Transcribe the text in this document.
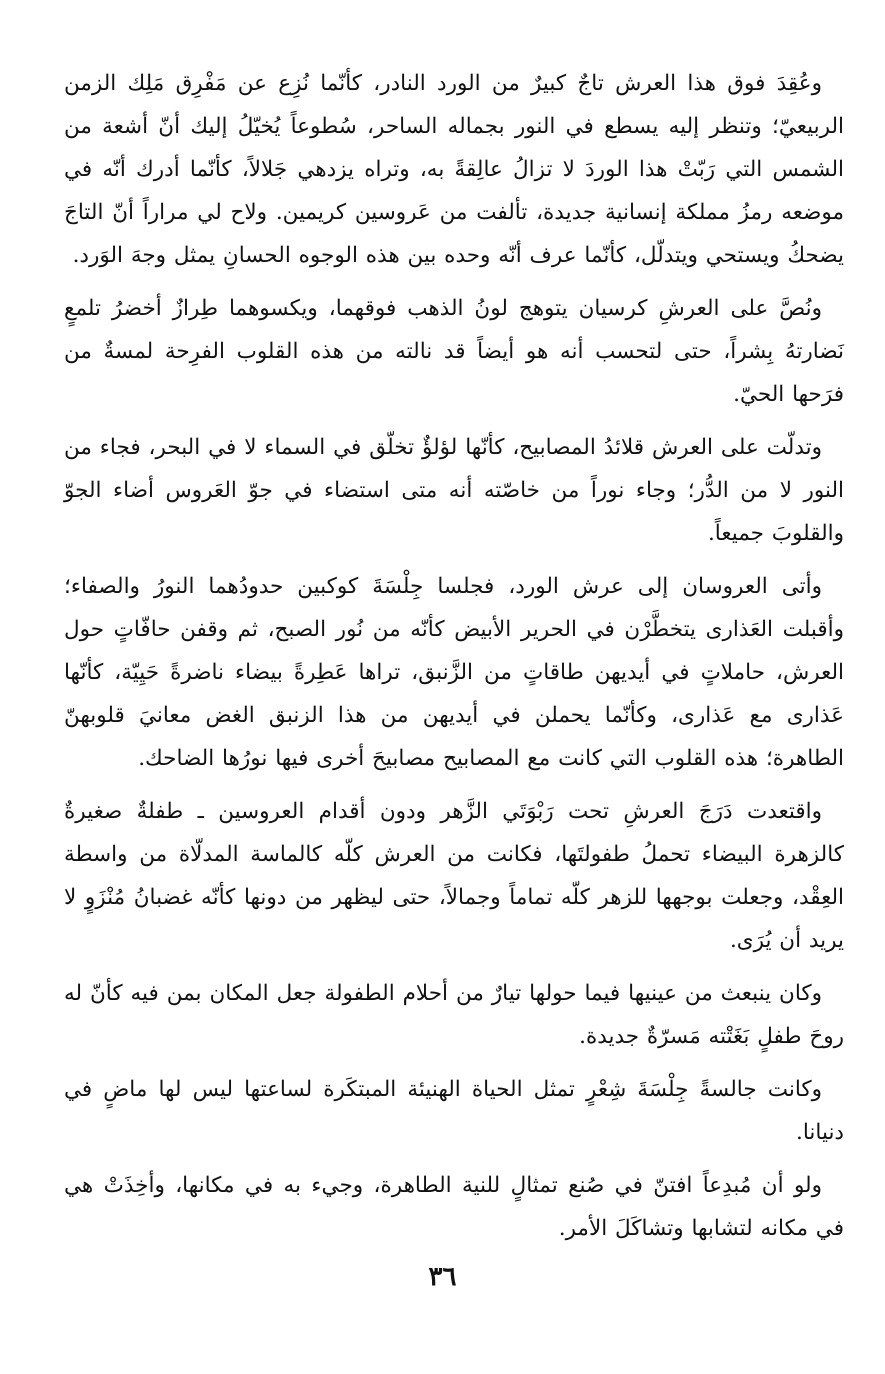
وعُقِدَ فوق هذا العرش تاجٌ كبيرٌ من الورد النادر، كأنّما نُزِع عن مَفْرِق مَلِك الزمن الربيعيّ؛ وتنظر إليه يسطع في النور بجماله الساحر، سُطوعاً يُخيّلُ إليك أنّ أشعة من الشمس التي رَبّتْ هذا الوردَ لا تزالُ عالِقةً به، وتراه يزدهي جَلالاً، كأنّما أدرك أنّه في موضعه رمزُ مملكة إنسانية جديدة، تألفت من عَروسين كريمين. ولاح لي مراراً أنّ التاجَ يضحكُ ويستحي ويتدلّل، كأنّما عرف أنّه وحده بين هذه الوجوه الحسانِ يمثل وجهَ الوَرد.

ونُصَّ على العرشِ كرسيان يتوهج لونُ الذهب فوقهما، ويكسوهما طِرازٌ أخضرُ تلمعٍ نَضارتهُ بِشراً، حتى لتحسب أنه هو أيضاً قد نالته من هذه القلوب الفرِحة لمسةٌ من فرَحها الحيّ.

وتدلّت على العرش قلائدُ المصابيح، كأنّها لؤلؤٌ تخلّق في السماء لا في البحر، فجاء من النور لا من الدُّر؛ وجاء نوراً من خاصّته أنه متى استضاء في جوّ العَروس أضاء الجوّ والقلوبَ جميعاً.

وأتى العروسان إلى عرش الورد، فجلسا جِلْسَةَ كوكبين حدودُهما النورُ والصفاء؛ وأقبلت العَذارى يتخطَّرْن في الحرير الأبيض كأنّه من نُور الصبح، ثم وقفن حافّاتٍ حول العرش، حاملاتٍ في أيديهن طاقاتٍ من الزَّنبق، تراها عَطِرةً بيضاء ناضرةً حَيِيّة، كأنّها عَذارى مع عَذارى، وكأنّما يحملن في أيديهن من هذا الزنبق الغض معانيَ قلوبهنّ الطاهرة؛ هذه القلوب التي كانت مع المصابيح مصابيحَ أخرى فيها نورُها الضاحك.

واقتعدت دَرَجَ العرشِ تحت رَبْوَتَي الزَّهر ودون أقدام العروسين ـ طفلةٌ صغيرةٌ كالزهرة البيضاء تحملُ طفولتَها، فكانت من العرش كلّه كالماسة المدلّاة من واسطة العِقْد، وجعلت بوجهها للزهر كلّه تماماً وجمالاً، حتى ليظهر من دونها كأنّه غضبانُ مُنْزَوٍ لا يريد أن يُرَى.

وكان ينبعث من عينيها فيما حولها تيارٌ من أحلام الطفولة جعل المكان بمن فيه كأنّ له روحَ طفلٍ بَغَتْته مَسرّةٌ جديدة.

وكانت جالسةً جِلْسَةَ شِعْرٍ تمثل الحياة الهنيئة المبتكَرة لساعتها ليس لها ماضٍ في دنيانا.

ولو أن مُبدِعاً افتنّ في صُنع تمثالٍ للنية الطاهرة، وجيء به في مكانها، وأخِذَتْ هي في مكانه لتشابها وتشاكَلَ الأمر.

٣٦
